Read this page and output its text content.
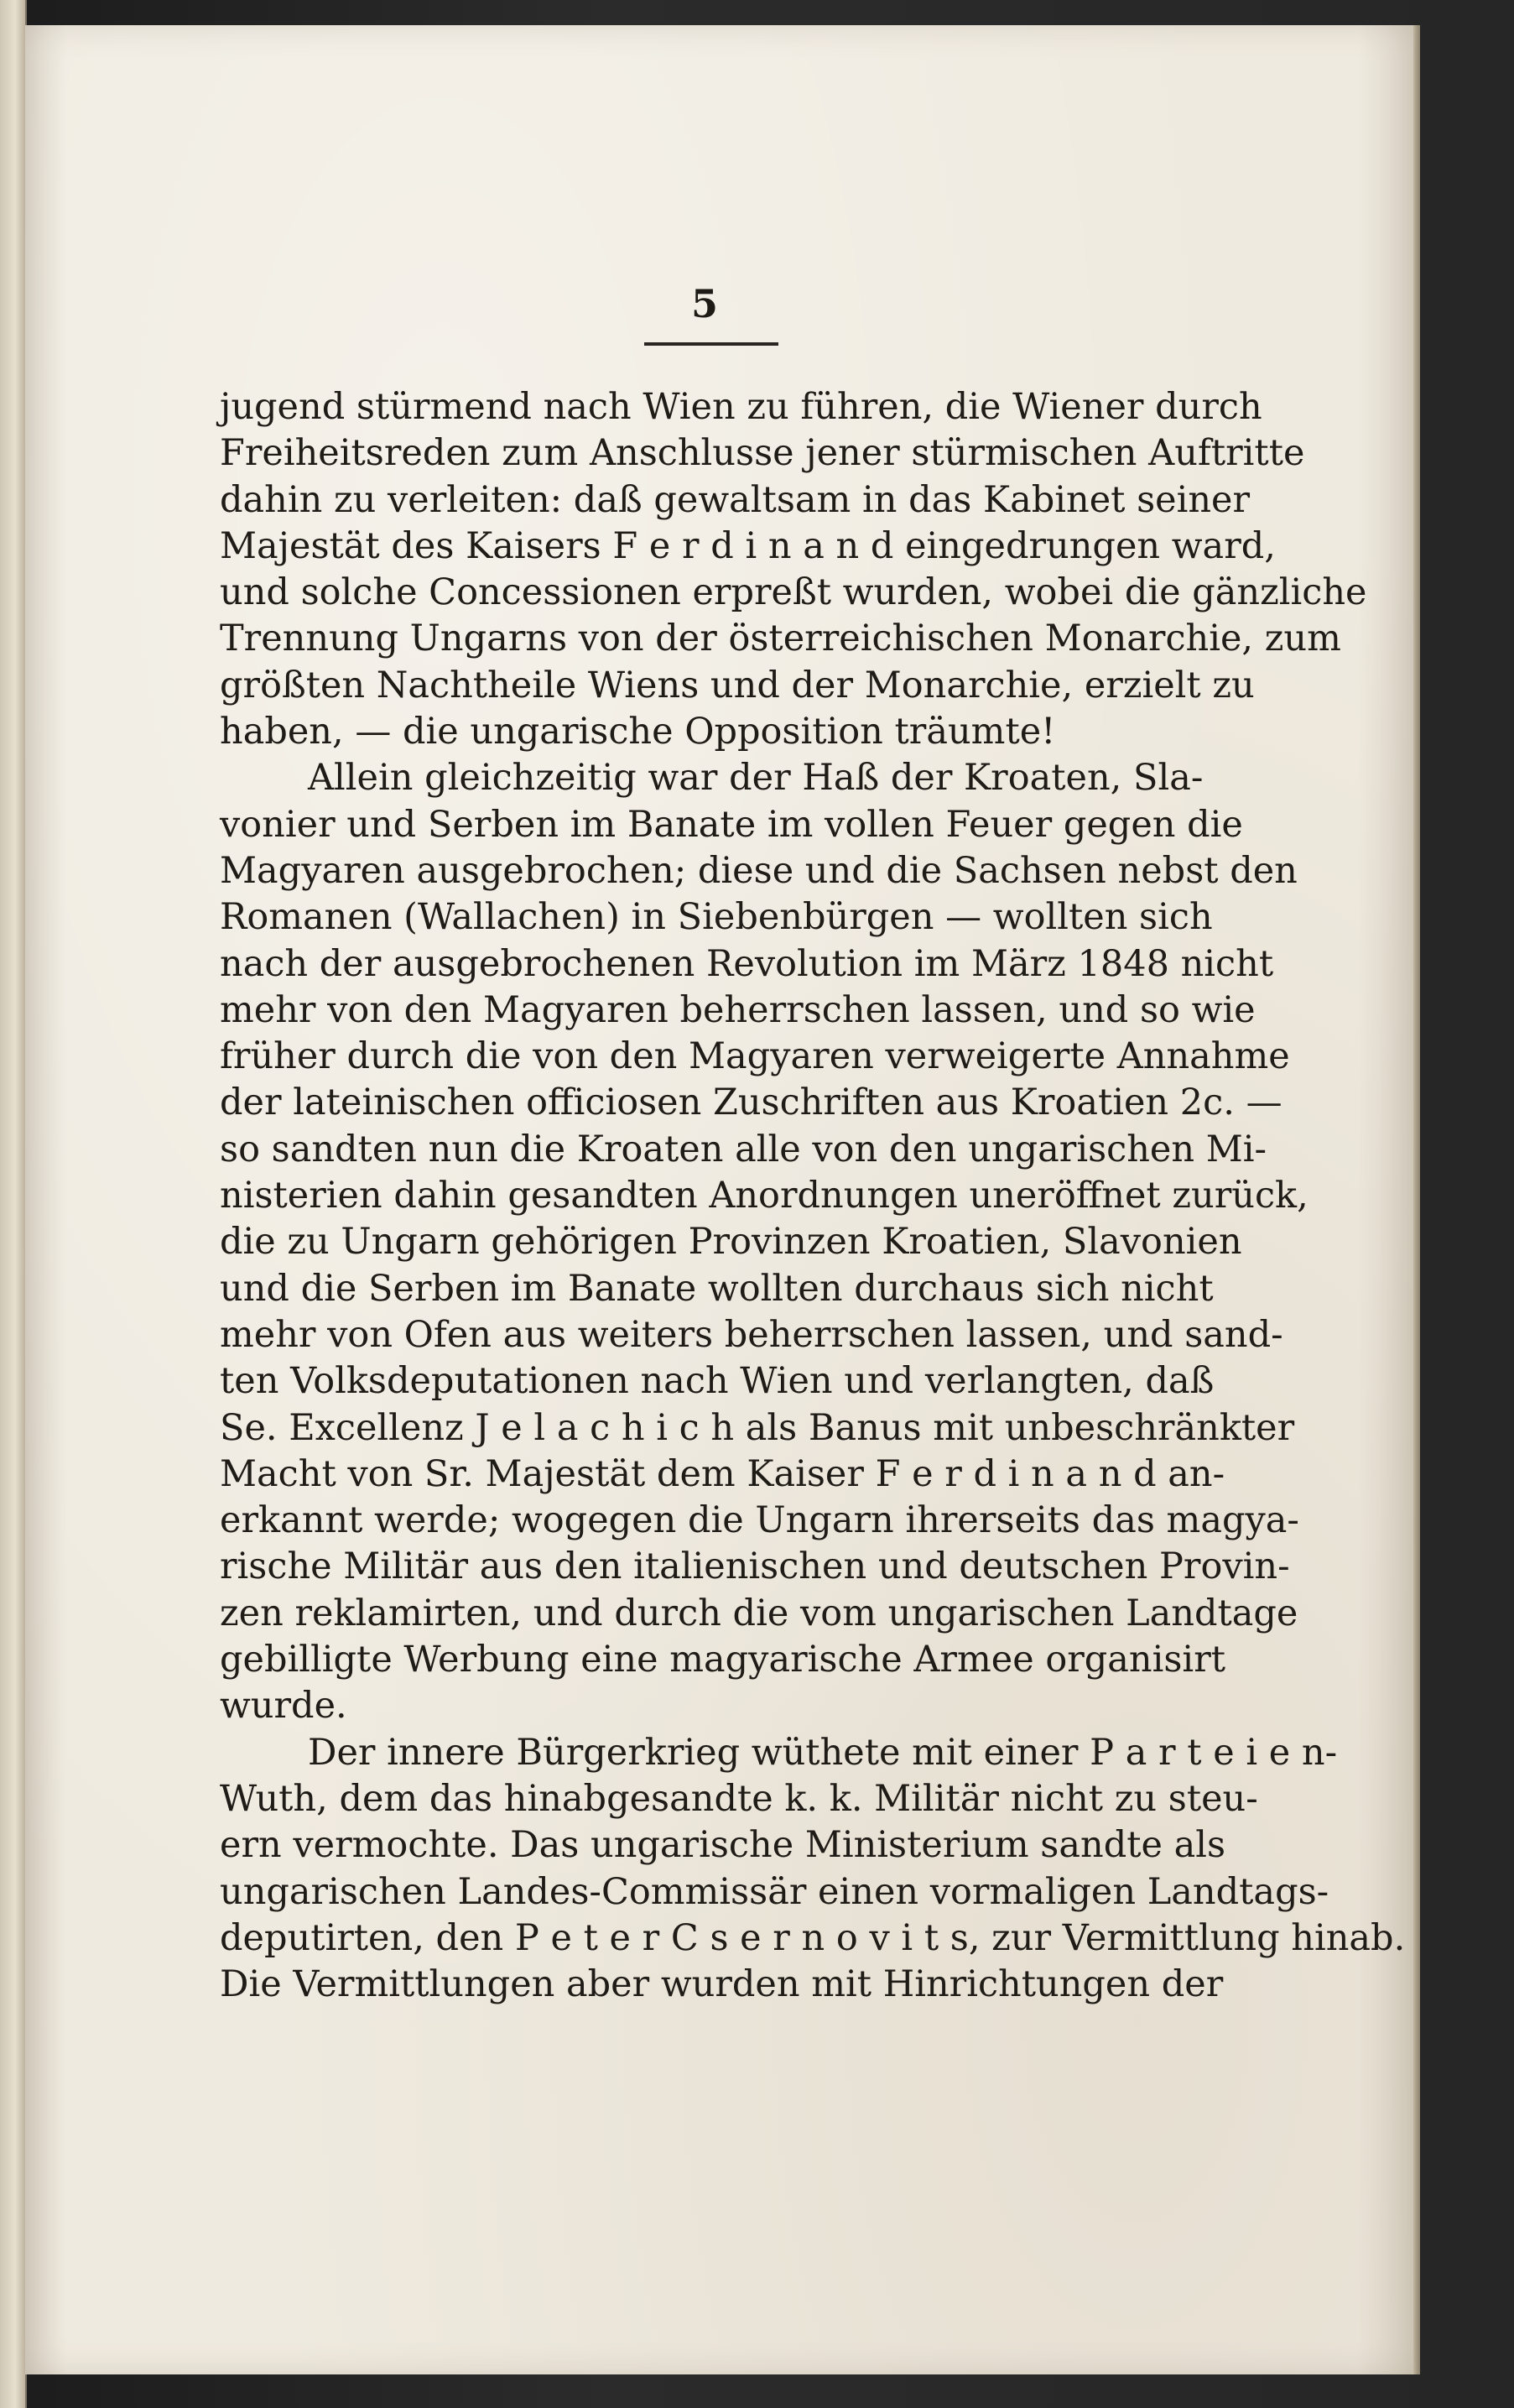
5
jugend stürmend nach Wien zu führen, die Wiener durch
Freiheitsreden zum Anschlusse jener stürmischen Auftritte
dahin zu verleiten: daß gewaltsam in das Kabinet seiner
Majestät des Kaisers F e r d i n a n d eingedrungen ward,
und solche Concessionen erpreßt wurden, wobei die gänzliche
Trennung Ungarns von der österreichischen Monarchie, zum
größten Nachtheile Wiens und der Monarchie, erzielt zu
haben, — die ungarische Opposition träumte!
Allein gleichzeitig war der Haß der Kroaten, Sla-
vonier und Serben im Banate im vollen Feuer gegen die
Magyaren ausgebrochen; diese und die Sachsen nebst den
Romanen (Wallachen) in Siebenbürgen — wollten sich
nach der ausgebrochenen Revolution im März 1848 nicht
mehr von den Magyaren beherrschen lassen, und so wie
früher durch die von den Magyaren verweigerte Annahme
der lateinischen officiosen Zuschriften aus Kroatien 2c. —
so sandten nun die Kroaten alle von den ungarischen Mi-
nisterien dahin gesandten Anordnungen uneröffnet zurück,
die zu Ungarn gehörigen Provinzen Kroatien, Slavonien
und die Serben im Banate wollten durchaus sich nicht
mehr von Ofen aus weiters beherrschen lassen, und sand-
ten Volksdeputationen nach Wien und verlangten, daß
Se. Excellenz J e l a c h i c h als Banus mit unbeschränkter
Macht von Sr. Majestät dem Kaiser F e r d i n a n d an-
erkannt werde; wogegen die Ungarn ihrerseits das magya-
rische Militär aus den italienischen und deutschen Provin-
zen reklamirten, und durch die vom ungarischen Landtage
gebilligte Werbung eine magyarische Armee organisirt
wurde.
Der innere Bürgerkrieg wüthete mit einer P a r t e i e n-
Wuth, dem das hinabgesandte k. k. Militär nicht zu steu-
ern vermochte. Das ungarische Ministerium sandte als
ungarischen Landes-Commissär einen vormaligen Landtags-
deputirten, den P e t e r C s e r n o v i t s, zur Vermittlung hinab.
Die Vermittlungen aber wurden mit Hinrichtungen der
